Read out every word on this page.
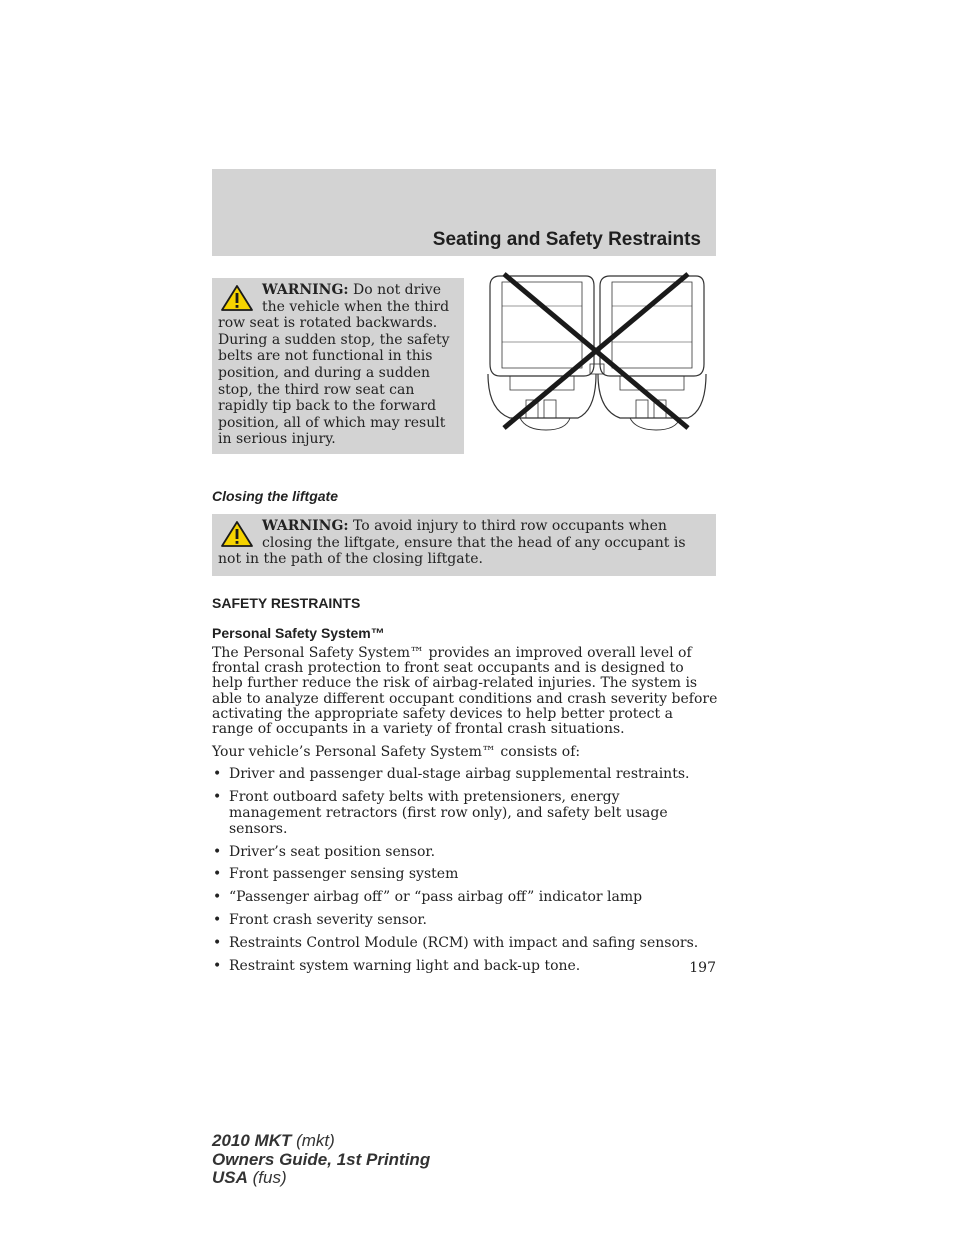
Seating and Safety Restraints
WARNING: Do not drive the vehicle when the third row seat is rotated backwards. During a sudden stop, the safety belts are not functional in this position, and during a sudden stop, the third row seat can rapidly tip back to the forward position, all of which may result in serious injury.
Closing the liftgate
WARNING: To avoid injury to third row occupants when closing the liftgate, ensure that the head of any occupant is not in the path of the closing liftgate.
SAFETY RESTRAINTS
Personal Safety System™
The Personal Safety System™ provides an improved overall level of frontal crash protection to front seat occupants and is designed to help further reduce the risk of airbag-related injuries. The system is able to analyze different occupant conditions and crash severity before activating the appropriate safety devices to help better protect a range of occupants in a variety of frontal crash situations.
Your vehicle’s Personal Safety System™ consists of:
• Driver and passenger dual-stage airbag supplemental restraints.
• Front outboard safety belts with pretensioners, energy management retractors (first row only), and safety belt usage sensors.
• Driver’s seat position sensor.
• Front passenger sensing system
• “Passenger airbag off” or “pass airbag off” indicator lamp
• Front crash severity sensor.
• Restraints Control Module (RCM) with impact and safing sensors.
• Restraint system warning light and back-up tone.	197
2010 MKT (mkt)
Owners Guide, 1st Printing
USA (fus)
